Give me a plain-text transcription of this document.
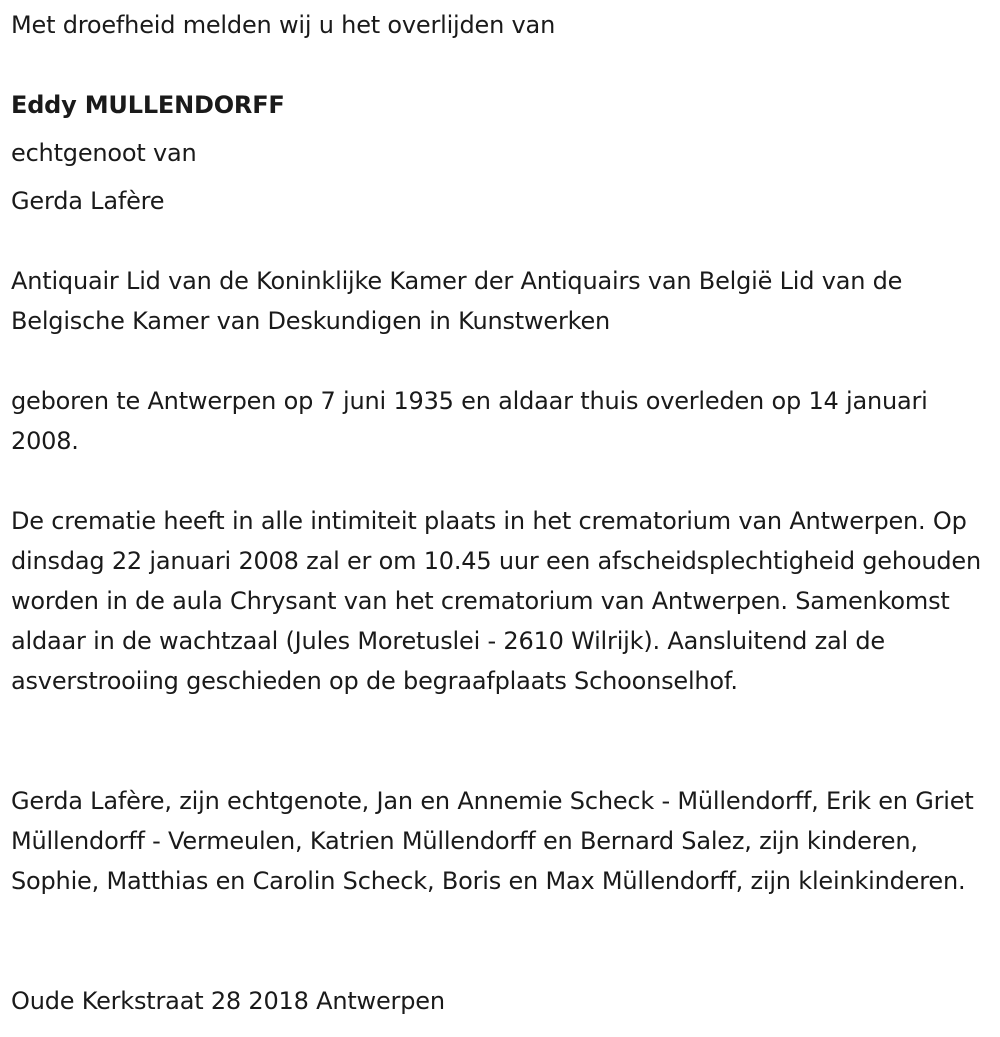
Met droefheid melden wij u het overlijden van
Eddy MULLENDORFF
echtgenoot van
Gerda Lafère
Antiquair Lid van de Koninklijke Kamer der Antiquairs van België Lid van de Belgische Kamer van Deskundigen in Kunstwerken
geboren te Antwerpen op 7 juni 1935 en aldaar thuis overleden op 14 januari 2008.
De crematie heeft in alle intimiteit plaats in het crematorium van Antwerpen. Op dinsdag 22 januari 2008 zal er om 10.45 uur een afscheidsplechtigheid gehouden worden in de aula Chrysant van het crematorium van Antwerpen. Samenkomst aldaar in de wachtzaal (Jules Moretuslei - 2610 Wilrijk). Aansluitend zal de asverstrooiing geschieden op de begraafplaats Schoonselhof.
Gerda Lafère, zijn echtgenote, Jan en Annemie Scheck - Müllendorff, Erik en Griet Müllendorff - Vermeulen, Katrien Müllendorff en Bernard Salez, zijn kinderen, Sophie, Matthias en Carolin Scheck, Boris en Max Müllendorff, zijn kleinkinderen.
Oude Kerkstraat 28 2018 Antwerpen
